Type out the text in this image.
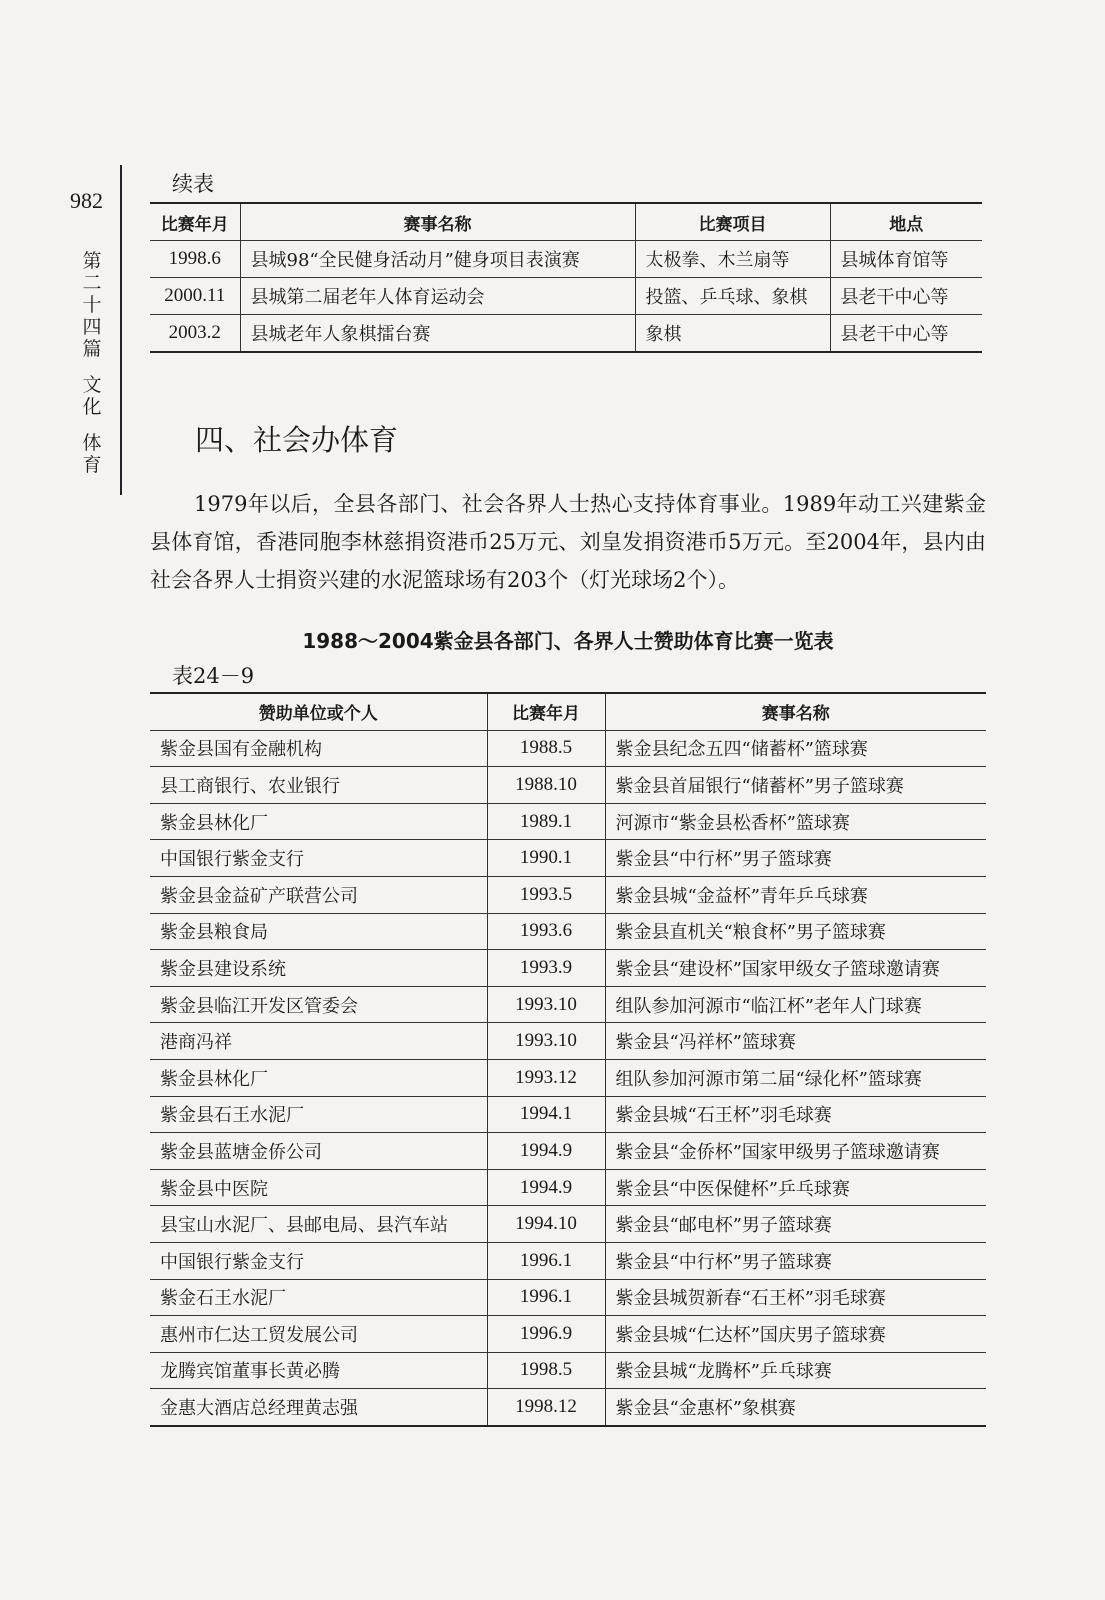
982
第二十四篇
文化
体育
续表
比赛年月	赛事名称	比赛项目	地点
1998.6	县城98“全民健身活动月”健身项目表演赛	太极拳、木兰扇等	县城体育馆等
2000.11	县城第二届老年人体育运动会	投篮、乒乓球、象棋	县老干中心等
2003.2	县城老年人象棋擂台赛	象棋	县老干中心等
四、社会办体育
1979年以后，全县各部门、社会各界人士热心支持体育事业。1989年动工兴建紫金县体育馆，香港同胞李林慈捐资港币25万元、刘皇发捐资港币5万元。至2004年，县内由社会各界人士捐资兴建的水泥篮球场有203个（灯光球场2个）。
1988～2004紫金县各部门、各界人士赞助体育比赛一览表
表24－9
赞助单位或个人	比赛年月	赛事名称
紫金县国有金融机构	1988.5	紫金县纪念五四“储蓄杯”篮球赛
县工商银行、农业银行	1988.10	紫金县首届银行“储蓄杯”男子篮球赛
紫金县林化厂	1989.1	河源市“紫金县松香杯”篮球赛
中国银行紫金支行	1990.1	紫金县“中行杯”男子篮球赛
紫金县金益矿产联营公司	1993.5	紫金县城“金益杯”青年乒乓球赛
紫金县粮食局	1993.6	紫金县直机关“粮食杯”男子篮球赛
紫金县建设系统	1993.9	紫金县“建设杯”国家甲级女子篮球邀请赛
紫金县临江开发区管委会	1993.10	组队参加河源市“临江杯”老年人门球赛
港商冯祥	1993.10	紫金县“冯祥杯”篮球赛
紫金县林化厂	1993.12	组队参加河源市第二届“绿化杯”篮球赛
紫金县石王水泥厂	1994.1	紫金县城“石王杯”羽毛球赛
紫金县蓝塘金侨公司	1994.9	紫金县“金侨杯”国家甲级男子篮球邀请赛
紫金县中医院	1994.9	紫金县“中医保健杯”乒乓球赛
县宝山水泥厂、县邮电局、县汽车站	1994.10	紫金县“邮电杯”男子篮球赛
中国银行紫金支行	1996.1	紫金县“中行杯”男子篮球赛
紫金石王水泥厂	1996.1	紫金县城贺新春“石王杯”羽毛球赛
惠州市仁达工贸发展公司	1996.9	紫金县城“仁达杯”国庆男子篮球赛
龙腾宾馆董事长黄必腾	1998.5	紫金县城“龙腾杯”乒乓球赛
金惠大酒店总经理黄志强	1998.12	紫金县“金惠杯”象棋赛
